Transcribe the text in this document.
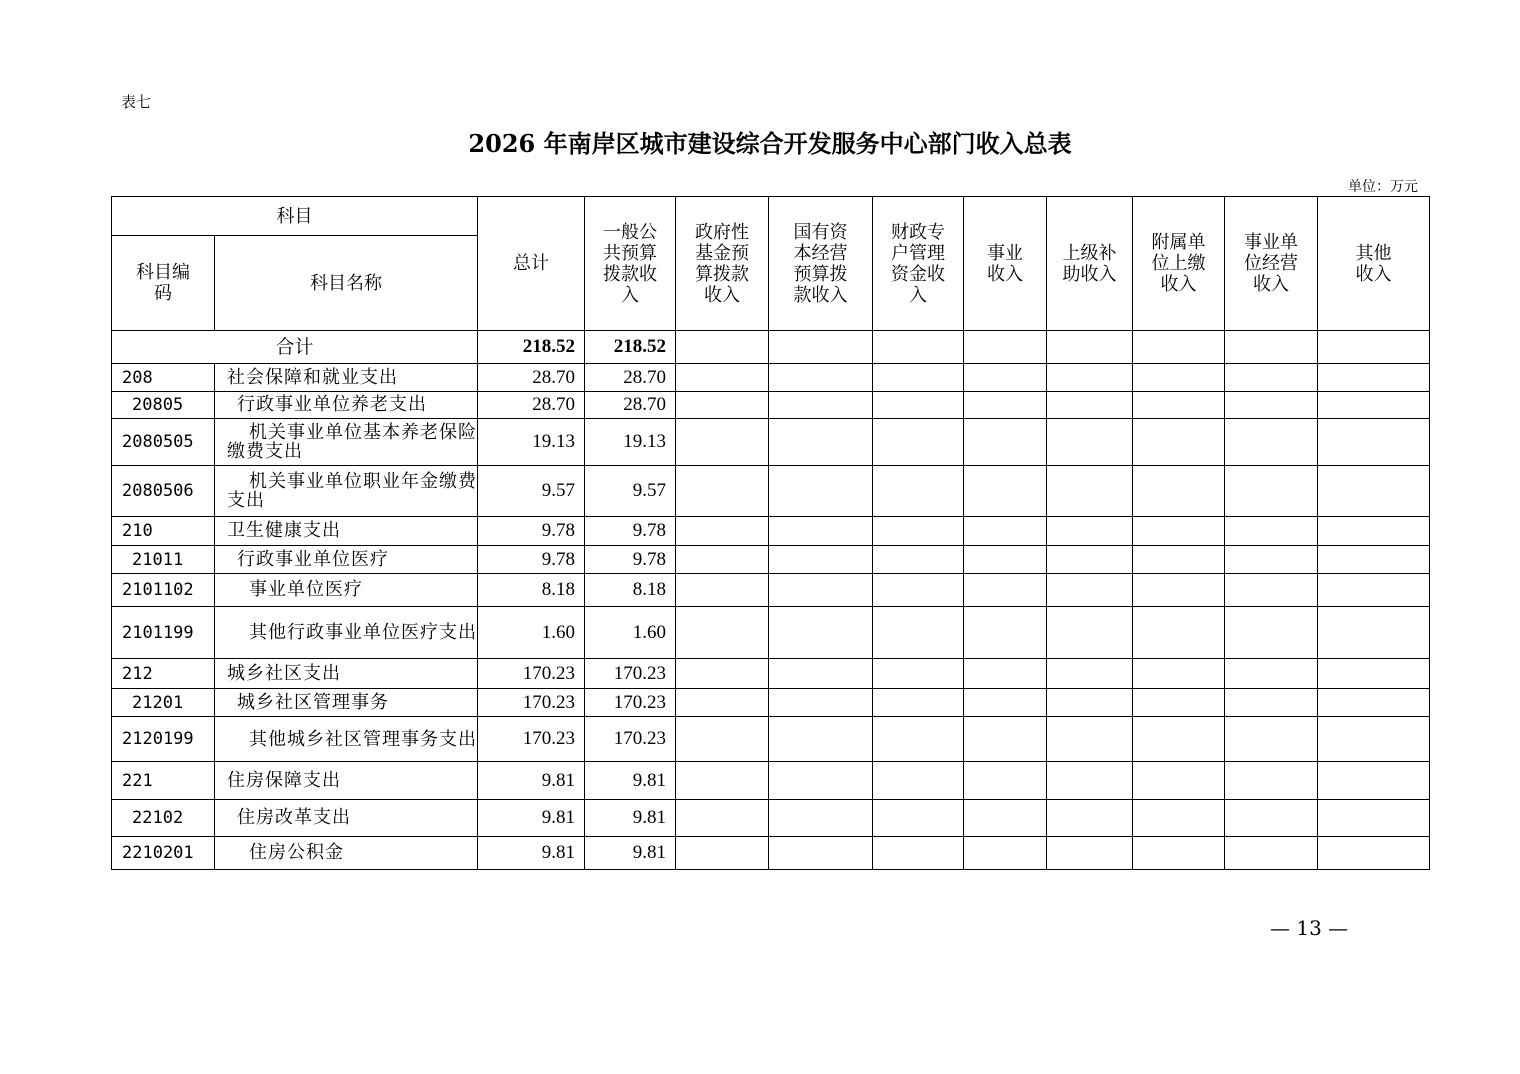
表七
2026 年南岸区城市建设综合开发服务中心部门收入总表
单位：万元
科目		总计	一般公共预算拨款收入	政府性基金预算拨款收入	国有资本经营预算拨款收入	财政专户管理资金收入	事业收入	上级补助收入	附属单位上缴收入	事业单位经营收入	其他收入

科目编码	科目名称										
合计		218.52	218.52								
208	社会保障和就业支出	28.70	28.70								
20805	行政事业单位养老支出	28.70	28.70								
2080505	机关事业单位基本养老保险缴费支出	19.13	19.13								
2080506	机关事业单位职业年金缴费支出	9.57	9.57								
210	卫生健康支出	9.78	9.78								
21011	行政事业单位医疗	9.78	9.78								
2101102	事业单位医疗	8.18	8.18								
2101199	其他行政事业单位医疗支出	1.60	1.60								
212	城乡社区支出	170.23	170.23								
21201	城乡社区管理事务	170.23	170.23								
2120199	其他城乡社区管理事务支出	170.23	170.23								
221	住房保障支出	9.81	9.81								
22102	住房改革支出	9.81	9.81								
2210201	住房公积金	9.81	9.81								
— 13 —
